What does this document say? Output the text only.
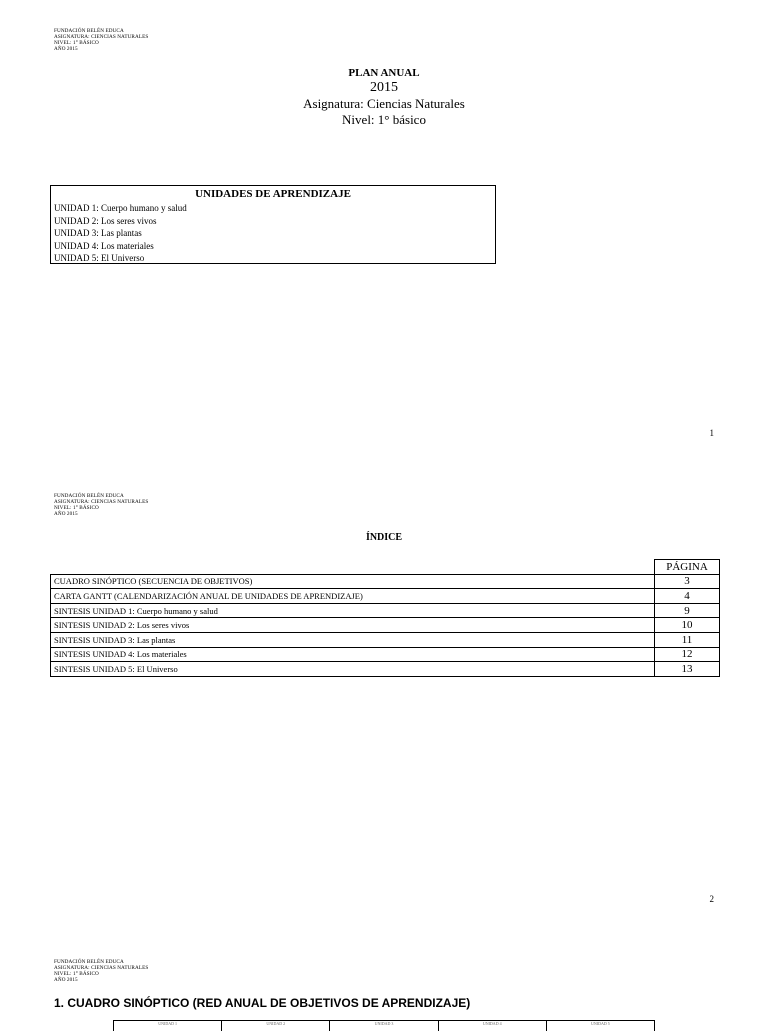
FUNDACIÓN BELÉN EDUCA
ASIGNATURA: CIENCIAS NATURALES
NIVEL: 1° BÁSICO
AÑO 2015
PLAN ANUAL
2015
Asignatura: Ciencias Naturales
Nivel: 1° básico
UNIDADES DE APRENDIZAJE
UNIDAD 1: Cuerpo humano y salud
UNIDAD 2: Los seres vivos
UNIDAD 3: Las plantas
UNIDAD 4: Los materiales
UNIDAD 5: El Universo
1
FUNDACIÓN BELÉN EDUCA
ASIGNATURA: CIENCIAS NATURALES
NIVEL: 1° BÁSICO
AÑO 2015
ÍNDICE
	PÁGINA
CUADRO SINÓPTICO (SECUENCIA DE OBJETIVOS)	3
CARTA GANTT (CALENDARIZACIÓN ANUAL DE UNIDADES DE APRENDIZAJE)	4
SINTESIS UNIDAD 1: Cuerpo humano y salud	9
SINTESIS UNIDAD 2: Los seres vivos	10
SINTESIS UNIDAD 3: Las plantas	11
SINTESIS UNIDAD 4: Los materiales	12
SINTESIS UNIDAD 5: El Universo	13
2
FUNDACIÓN BELÉN EDUCA
ASIGNATURA: CIENCIAS NATURALES
NIVEL: 1° BÁSICO
AÑO 2015
1. CUADRO SINÓPTICO (RED ANUAL DE OBJETIVOS DE APRENDIZAJE)
UNIDAD 1	UNIDAD 2	UNIDAD 3	UNIDAD 4	UNIDAD 5
